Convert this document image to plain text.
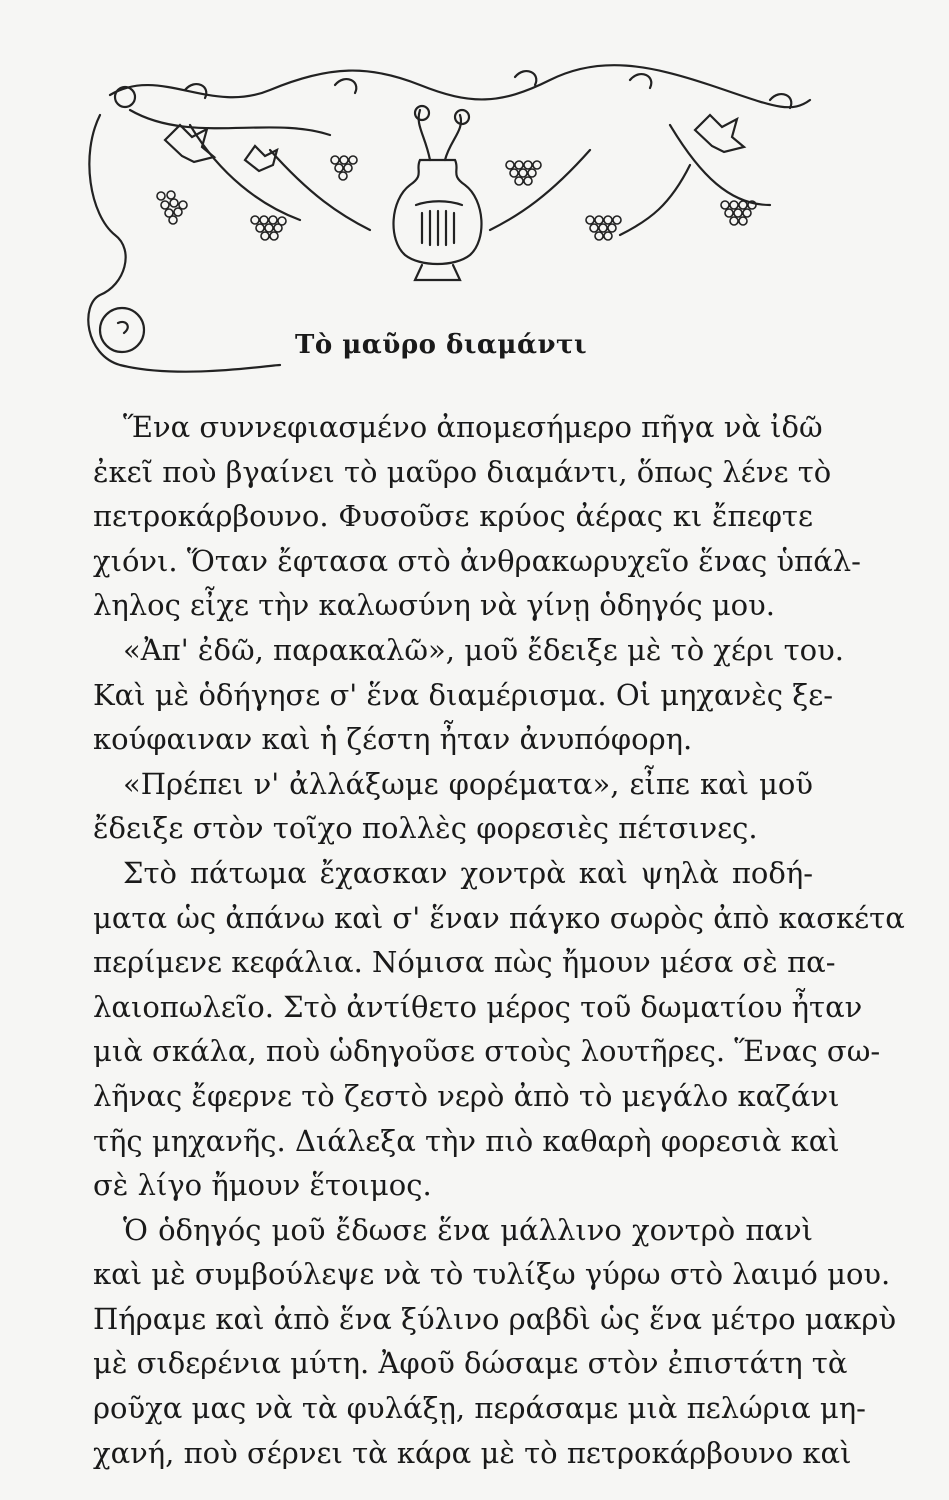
Τὸ μαῦρο διαμάντι
Ἕνα συννεφιασμένο ἀπομεσήμερο πῆγα νὰ ἰδῶ
ἐκεῖ ποὺ βγαίνει τὸ μαῦρο διαμάντι, ὅπως λένε τὸ
πετροκάρβουνο. Φυσοῦσε κρύος ἀέρας κι ἔπεφτε
χιόνι. Ὅταν ἔφτασα στὸ ἀνθρακωρυχεῖο ἕνας ὑπάλ-
ληλος εἶχε τὴν καλωσύνη νὰ γίνῃ ὁδηγός μου.
«Ἀπ' ἐδῶ, παρακαλῶ», μοῦ ἔδειξε μὲ τὸ χέρι του.
Καὶ μὲ ὁδήγησε σ' ἕνα διαμέρισμα. Οἱ μηχανὲς ξε-
κούφαιναν καὶ ἡ ζέστη ἦταν ἀνυπόφορη.
«Πρέπει ν' ἀλλάξωμε φορέματα», εἶπε καὶ μοῦ
ἔδειξε στὸν τοῖχο πολλὲς φορεσιὲς πέτσινες.
Στὸ πάτωμα ἔχασκαν χοντρὰ καὶ ψηλὰ ποδή-
ματα ὡς ἀπάνω καὶ σ' ἕναν πάγκο σωρὸς ἀπὸ κασκέτα
περίμενε κεφάλια. Νόμισα πὼς ἤμουν μέσα σὲ πα-
λαιοπωλεῖο. Στὸ ἀντίθετο μέρος τοῦ δωματίου ἦταν
μιὰ σκάλα, ποὺ ὡδηγοῦσε στοὺς λουτῆρες. Ἕνας σω-
λῆνας ἔφερνε τὸ ζεστὸ νερὸ ἀπὸ τὸ μεγάλο καζάνι
τῆς μηχανῆς. Διάλεξα τὴν πιὸ καθαρὴ φορεσιὰ καὶ
σὲ λίγο ἤμουν ἕτοιμος.
Ὁ ὁδηγός μοῦ ἔδωσε ἕνα μάλλινο χοντρὸ πανὶ
καὶ μὲ συμβούλεψε νὰ τὸ τυλίξω γύρω στὸ λαιμό μου.
Πήραμε καὶ ἀπὸ ἕνα ξύλινο ραβδὶ ὡς ἕνα μέτρο μακρὺ
μὲ σιδερένια μύτη. Ἀφοῦ δώσαμε στὸν ἐπιστάτη τὰ
ροῦχα μας νὰ τὰ φυλάξῃ, περάσαμε μιὰ πελώρια μη-
χανή, ποὺ σέρνει τὰ κάρα μὲ τὸ πετροκάρβουνο καὶ
